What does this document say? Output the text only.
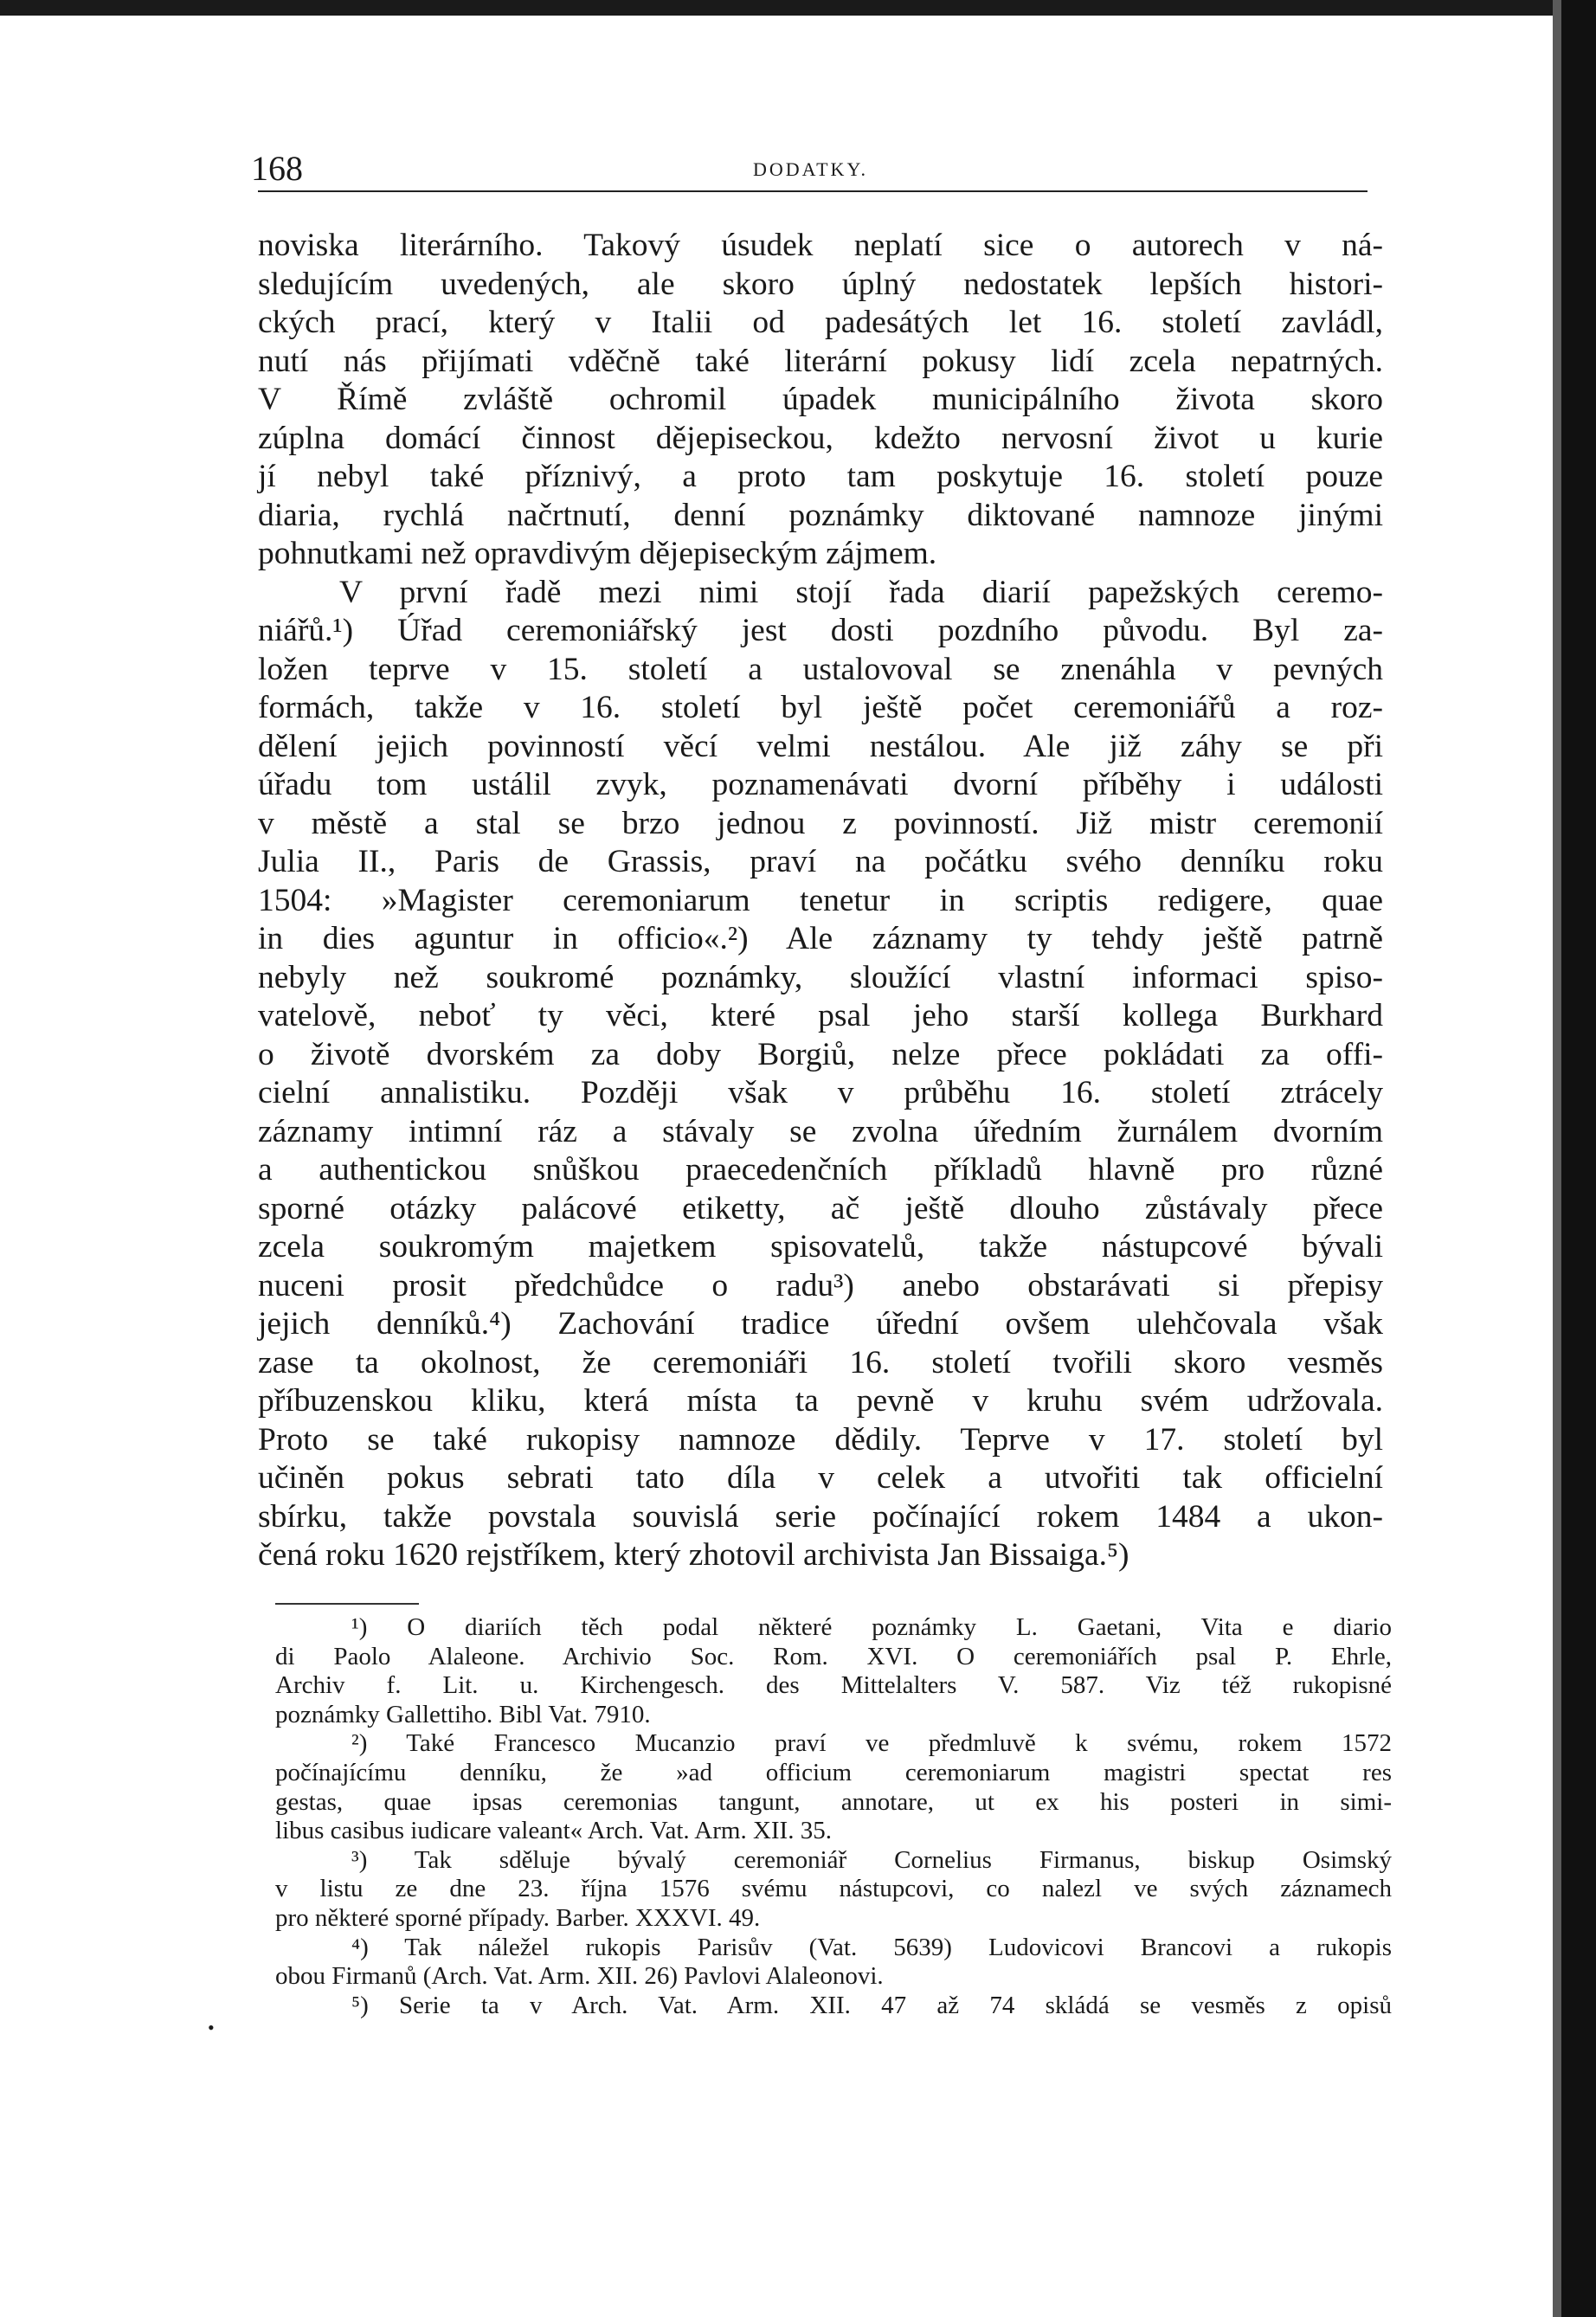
168	DODATKY.
noviska literárního. Takový úsudek neplatí sice o autorech v ná-
sledujícím uvedených, ale skoro úplný nedostatek lepších histori-
ckých prací, který v Italii od padesátých let 16. století zavládl,
nutí nás přijímati vděčně také literární pokusy lidí zcela nepatrných.
V Římě zvláště ochromil úpadek municipálního života skoro
zúplna domácí činnost dějepiseckou, kdežto nervosní život u kurie
jí nebyl také příznivý, a proto tam poskytuje 16. století pouze
diaria, rychlá načrtnutí, denní poznámky diktované namnoze jinými
pohnutkami než opravdivým dějepiseckým zájmem.
V první řadě mezi nimi stojí řada diarií papežských ceremo-
niářů.¹) Úřad ceremoniářský jest dosti pozdního původu. Byl za-
ložen teprve v 15. století a ustalovoval se znenáhla v pevných
formách, takže v 16. století byl ještě počet ceremoniářů a roz-
dělení jejich povinností věcí velmi nestálou. Ale již záhy se při
úřadu tom ustálil zvyk, poznamenávati dvorní příběhy i události
v městě a stal se brzo jednou z povinností. Již mistr ceremonií
Julia II., Paris de Grassis, praví na počátku svého denníku roku
1504: »Magister ceremoniarum tenetur in scriptis redigere, quae
in dies aguntur in officio«.²) Ale záznamy ty tehdy ještě patrně
nebyly než soukromé poznámky, sloužící vlastní informaci spiso-
vatelově, neboť ty věci, které psal jeho starší kollega Burkhard
o životě dvorském za doby Borgiů, nelze přece pokládati za offi-
cielní annalistiku. Později však v průběhu 16. století ztrácely
záznamy intimní ráz a stávaly se zvolna úředním žurnálem dvorním
a authentickou snůškou praecedenčních příkladů hlavně pro různé
sporné otázky palácové etiketty, ač ještě dlouho zůstávaly přece
zcela soukromým majetkem spisovatelů, takže nástupcové bývali
nuceni prosit předchůdce o radu³) anebo obstarávati si přepisy
jejich denníků.⁴) Zachování tradice úřední ovšem ulehčovala však
zase ta okolnost, že ceremoniáři 16. století tvořili skoro vesměs
příbuzenskou kliku, která místa ta pevně v kruhu svém udržovala.
Proto se také rukopisy namnoze dědily. Teprve v 17. století byl
učiněn pokus sebrati tato díla v celek a utvořiti tak officielní
sbírku, takže povstala souvislá serie počínající rokem 1484 a ukon-
čená roku 1620 rejstříkem, který zhotovil archivista Jan Bissaiga.⁵)
¹) O diariích těch podal některé poznámky L. Gaetani, Vita e diario
di Paolo Alaleone. Archivio Soc. Rom. XVI. O ceremoniářích psal P. Ehrle,
Archiv f. Lit. u. Kirchengesch. des Mittelalters V. 587. Viz též rukopisné
poznámky Gallettiho. Bibl Vat. 7910.
²) Také Francesco Mucanzio praví ve předmluvě k svému, rokem 1572
počínajícímu denníku, že »ad officium ceremoniarum magistri spectat res
gestas, quae ipsas ceremonias tangunt, annotare, ut ex his posteri in simi-
libus casibus iudicare valeant« Arch. Vat. Arm. XII. 35.
³) Tak sděluje bývalý ceremoniář Cornelius Firmanus, biskup Osimský
v listu ze dne 23. října 1576 svému nástupcovi, co nalezl ve svých záznamech
pro některé sporné případy. Barber. XXXVI. 49.
⁴) Tak náležel rukopis Parisův (Vat. 5639) Ludovicovi Brancovi a rukopis
obou Firmanů (Arch. Vat. Arm. XII. 26) Pavlovi Alaleonovi.
⁵) Serie ta v Arch. Vat. Arm. XII. 47 až 74 skládá se vesměs z opisů
•
